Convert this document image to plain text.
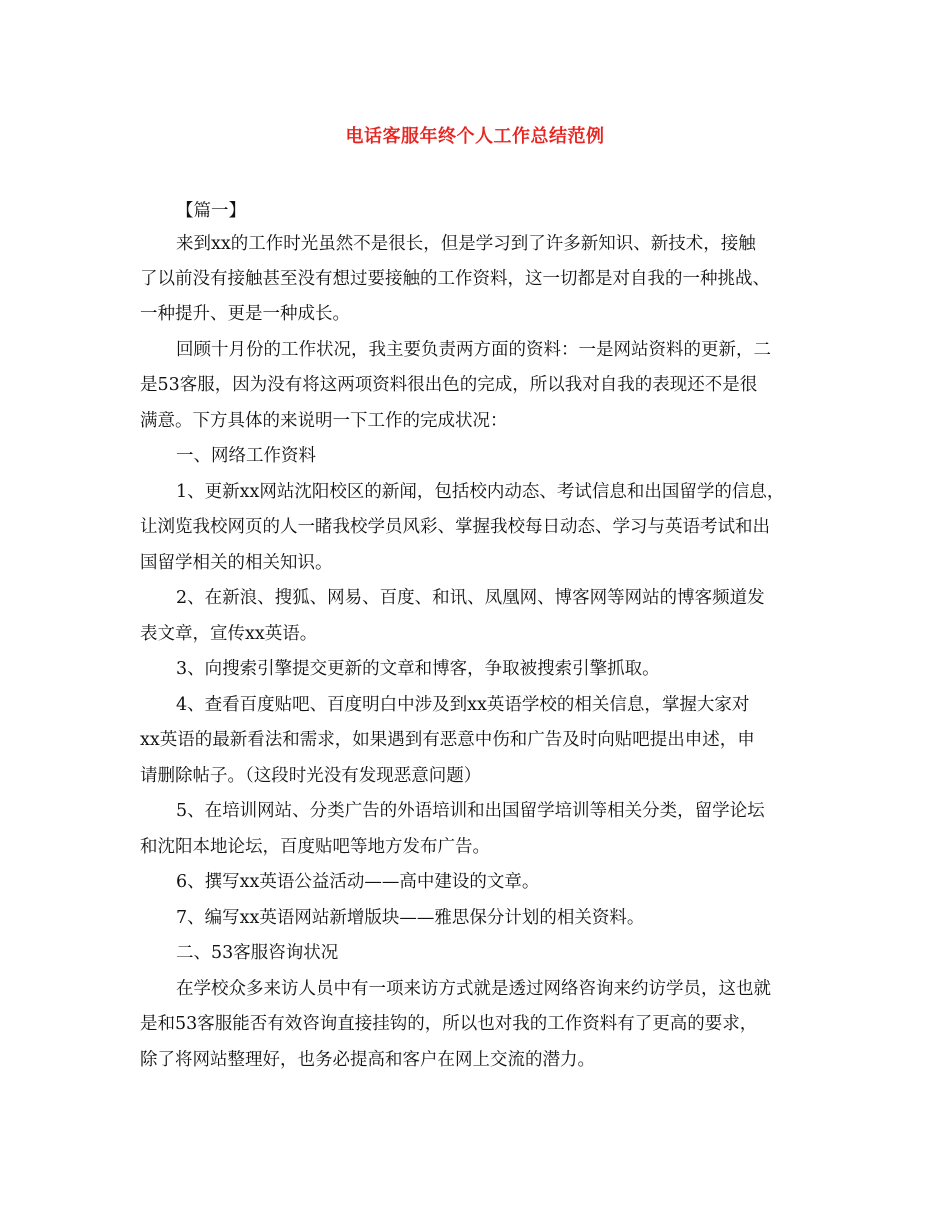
电话客服年终个人工作总结范例
【篇一】
来到xx的工作时光虽然不是很长，但是学习到了许多新知识、新技术，接触
了以前没有接触甚至没有想过要接触的工作资料，这一切都是对自我的一种挑战、
一种提升、更是一种成长。
回顾十月份的工作状况，我主要负责两方面的资料：一是网站资料的更新，二
是53客服，因为没有将这两项资料很出色的完成，所以我对自我的表现还不是很
满意。下方具体的来说明一下工作的完成状况：
一、网络工作资料
1、更新xx网站沈阳校区的新闻，包括校内动态、考试信息和出国留学的信息，
让浏览我校网页的人一睹我校学员风彩、掌握我校每日动态、学习与英语考试和出
国留学相关的相关知识。
2、在新浪、搜狐、网易、百度、和讯、凤凰网、博客网等网站的博客频道发
表文章，宣传xx英语。
3、向搜索引擎提交更新的文章和博客，争取被搜索引擎抓取。
4、查看百度贴吧、百度明白中涉及到xx英语学校的相关信息，掌握大家对
xx英语的最新看法和需求，如果遇到有恶意中伤和广告及时向贴吧提出申述，申
请删除帖子。（这段时光没有发现恶意问题）
5、在培训网站、分类广告的外语培训和出国留学培训等相关分类，留学论坛
和沈阳本地论坛，百度贴吧等地方发布广告。
6、撰写xx英语公益活动——高中建设的文章。
7、编写xx英语网站新增版块——雅思保分计划的相关资料。
二、53客服咨询状况
在学校众多来访人员中有一项来访方式就是透过网络咨询来约访学员，这也就
是和53客服能否有效咨询直接挂钩的，所以也对我的工作资料有了更高的要求，
除了将网站整理好，也务必提高和客户在网上交流的潜力。
